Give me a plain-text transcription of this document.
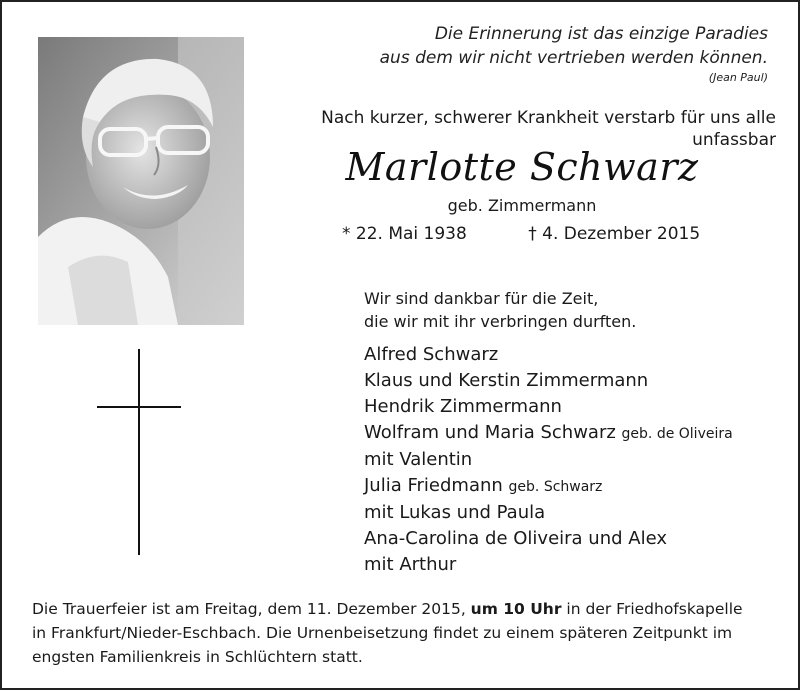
Die Erinnerung ist das einzige Paradies
aus dem wir nicht vertrieben werden können.
(Jean Paul)
Nach kurzer, schwerer Krankheit verstarb für uns alle unfassbar
Marlotte Schwarz
geb. Zimmermann
* 22. Mai 1938	† 4. Dezember 2015
Wir sind dankbar für die Zeit,
die wir mit ihr verbringen durften.
Alfred Schwarz
Klaus und Kerstin Zimmermann
Hendrik Zimmermann
Wolfram und Maria Schwarz geb. de Oliveira
mit Valentin
Julia Friedmann geb. Schwarz
mit Lukas und Paula
Ana-Carolina de Oliveira und Alex
mit Arthur
Die Trauerfeier ist am Freitag, dem 11. Dezember 2015, um 10 Uhr in der Friedhofskapelle
in Frankfurt/Nieder-Eschbach. Die Urnenbeisetzung findet zu einem späteren Zeitpunkt im
engsten Familienkreis in Schlüchtern statt.
